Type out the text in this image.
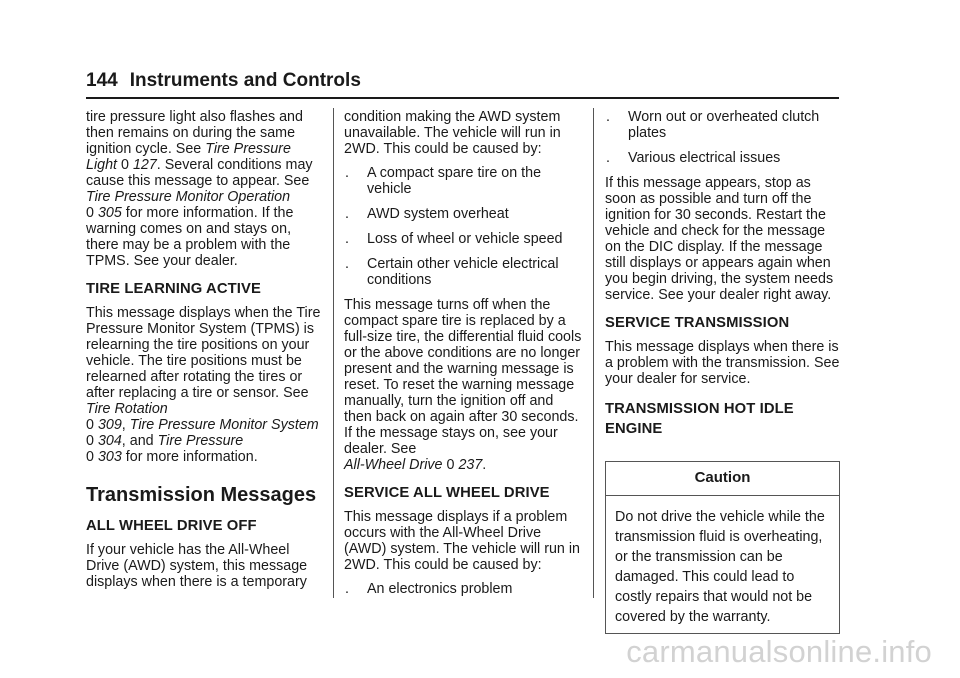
144 Instruments and Controls

tire pressure light also flashes and then remains on during the same ignition cycle. See Tire Pressure Light 0 127. Several conditions may cause this message to appear. See Tire Pressure Monitor Operation
0 305 for more information. If the warning comes on and stays on, there may be a problem with the TPMS. See your dealer.

TIRE LEARNING ACTIVE

This message displays when the Tire Pressure Monitor System (TPMS) is relearning the tire positions on your vehicle. The tire positions must be relearned after rotating the tires or after replacing a tire or sensor. See Tire Rotation
0 309, Tire Pressure Monitor System 0 304, and Tire Pressure
0 303 for more information.

Transmission Messages
ALL WHEEL DRIVE OFF

If your vehicle has the All-Wheel Drive (AWD) system, this message displays when there is a temporary

condition making the AWD system unavailable. The vehicle will run in 2WD. This could be caused by:

. A compact spare tire on the vehicle
. AWD system overheat
. Loss of wheel or vehicle speed
. Certain other vehicle electrical conditions

This message turns off when the compact spare tire is replaced by a full-size tire, the differential fluid cools or the above conditions are no longer present and the warning message is reset. To reset the warning message manually, turn the ignition off and then back on again after 30 seconds. If the message stays on, see your dealer. See
All-Wheel Drive 0 237.

SERVICE ALL WHEEL DRIVE

This message displays if a problem occurs with the All-Wheel Drive (AWD) system. The vehicle will run in 2WD. This could be caused by:

. An electronics problem
. Worn out or overheated clutch plates
. Various electrical issues

If this message appears, stop as soon as possible and turn off the ignition for 30 seconds. Restart the vehicle and check for the message on the DIC display. If the message still displays or appears again when you begin driving, the system needs service. See your dealer right away.

SERVICE TRANSMISSION

This message displays when there is a problem with the transmission. See your dealer for service.

TRANSMISSION HOT IDLE ENGINE
Caution
Do not drive the vehicle while the transmission fluid is overheating, or the transmission can be damaged. This could lead to costly repairs that would not be covered by the warranty.
carmanualsonline.info
